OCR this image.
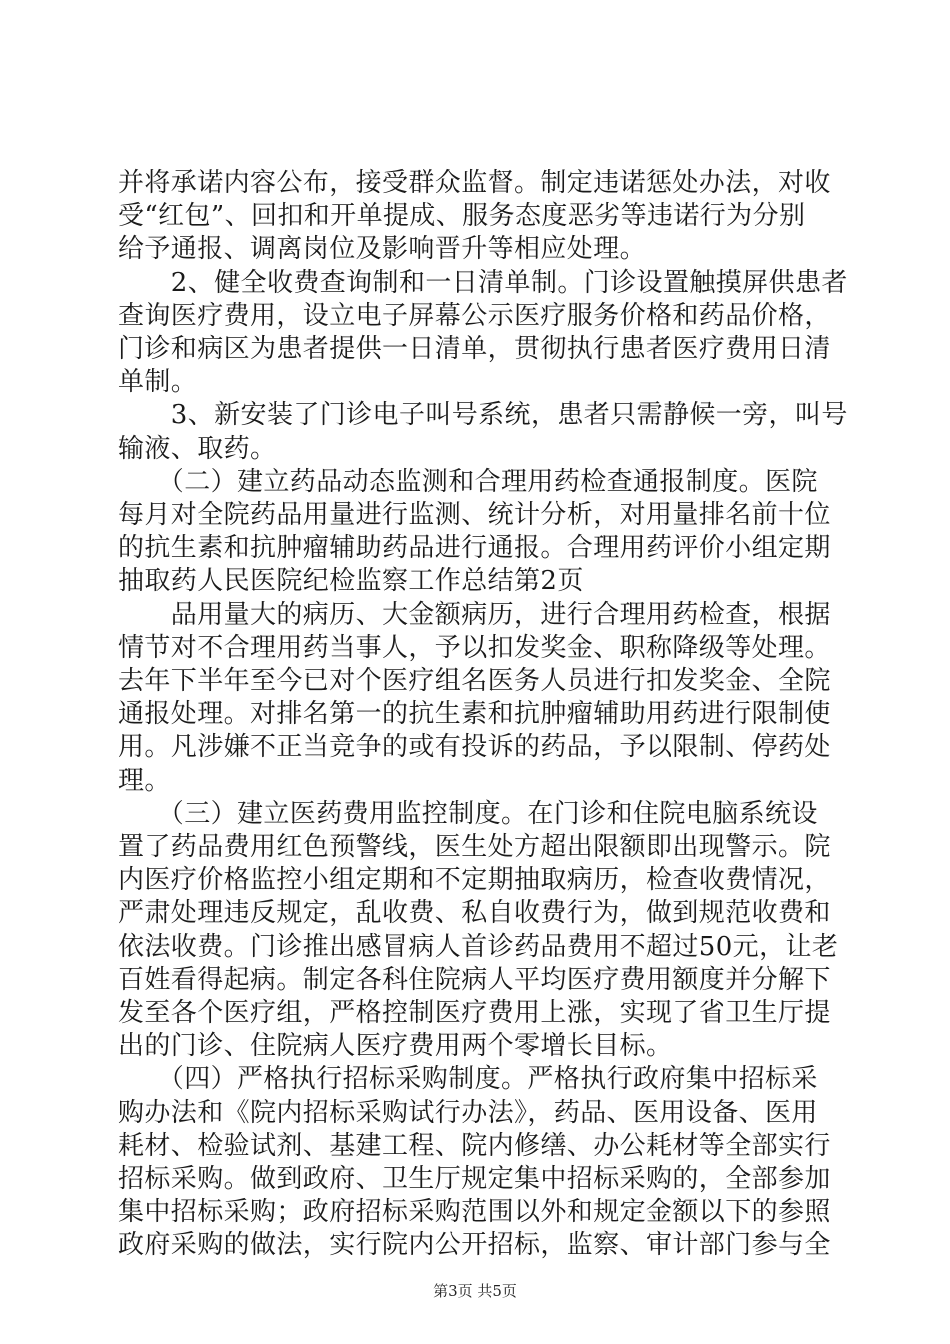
并将承诺内容公布，接受群众监督。制定违诺惩处办法，对收
受“红包”、回扣和开单提成、服务态度恶劣等违诺行为分别
给予通报、调离岗位及影响晋升等相应处理。
　　2、健全收费查询制和一日清单制。门诊设置触摸屏供患者
查询医疗费用，设立电子屏幕公示医疗服务价格和药品价格，
门诊和病区为患者提供一日清单，贯彻执行患者医疗费用日清
单制。
　　3、新安装了门诊电子叫号系统，患者只需静候一旁，叫号
输液、取药。
　　（二）建立药品动态监测和合理用药检查通报制度。医院
每月对全院药品用量进行监测、统计分析，对用量排名前十位
的抗生素和抗肿瘤辅助药品进行通报。合理用药评价小组定期
抽取药人民医院纪检监察工作总结第2页
　　品用量大的病历、大金额病历，进行合理用药检查，根据
情节对不合理用药当事人，予以扣发奖金、职称降级等处理。
去年下半年至今已对个医疗组名医务人员进行扣发奖金、全院
通报处理。对排名第一的抗生素和抗肿瘤辅助用药进行限制使
用。凡涉嫌不正当竞争的或有投诉的药品，予以限制、停药处
理。
　　（三）建立医药费用监控制度。在门诊和住院电脑系统设
置了药品费用红色预警线，医生处方超出限额即出现警示。院
内医疗价格监控小组定期和不定期抽取病历，检查收费情况，
严肃处理违反规定，乱收费、私自收费行为，做到规范收费和
依法收费。门诊推出感冒病人首诊药品费用不超过50元，让老
百姓看得起病。制定各科住院病人平均医疗费用额度并分解下
发至各个医疗组，严格控制医疗费用上涨，实现了省卫生厅提
出的门诊、住院病人医疗费用两个零增长目标。
　　（四）严格执行招标采购制度。严格执行政府集中招标采
购办法和《院内招标采购试行办法》，药品、医用设备、医用
耗材、检验试剂、基建工程、院内修缮、办公耗材等全部实行
招标采购。做到政府、卫生厅规定集中招标采购的，全部参加
集中招标采购；政府招标采购范围以外和规定金额以下的参照
第3页 共5页
政府采购的做法，实行院内公开招标，监察、审计部门参与全
